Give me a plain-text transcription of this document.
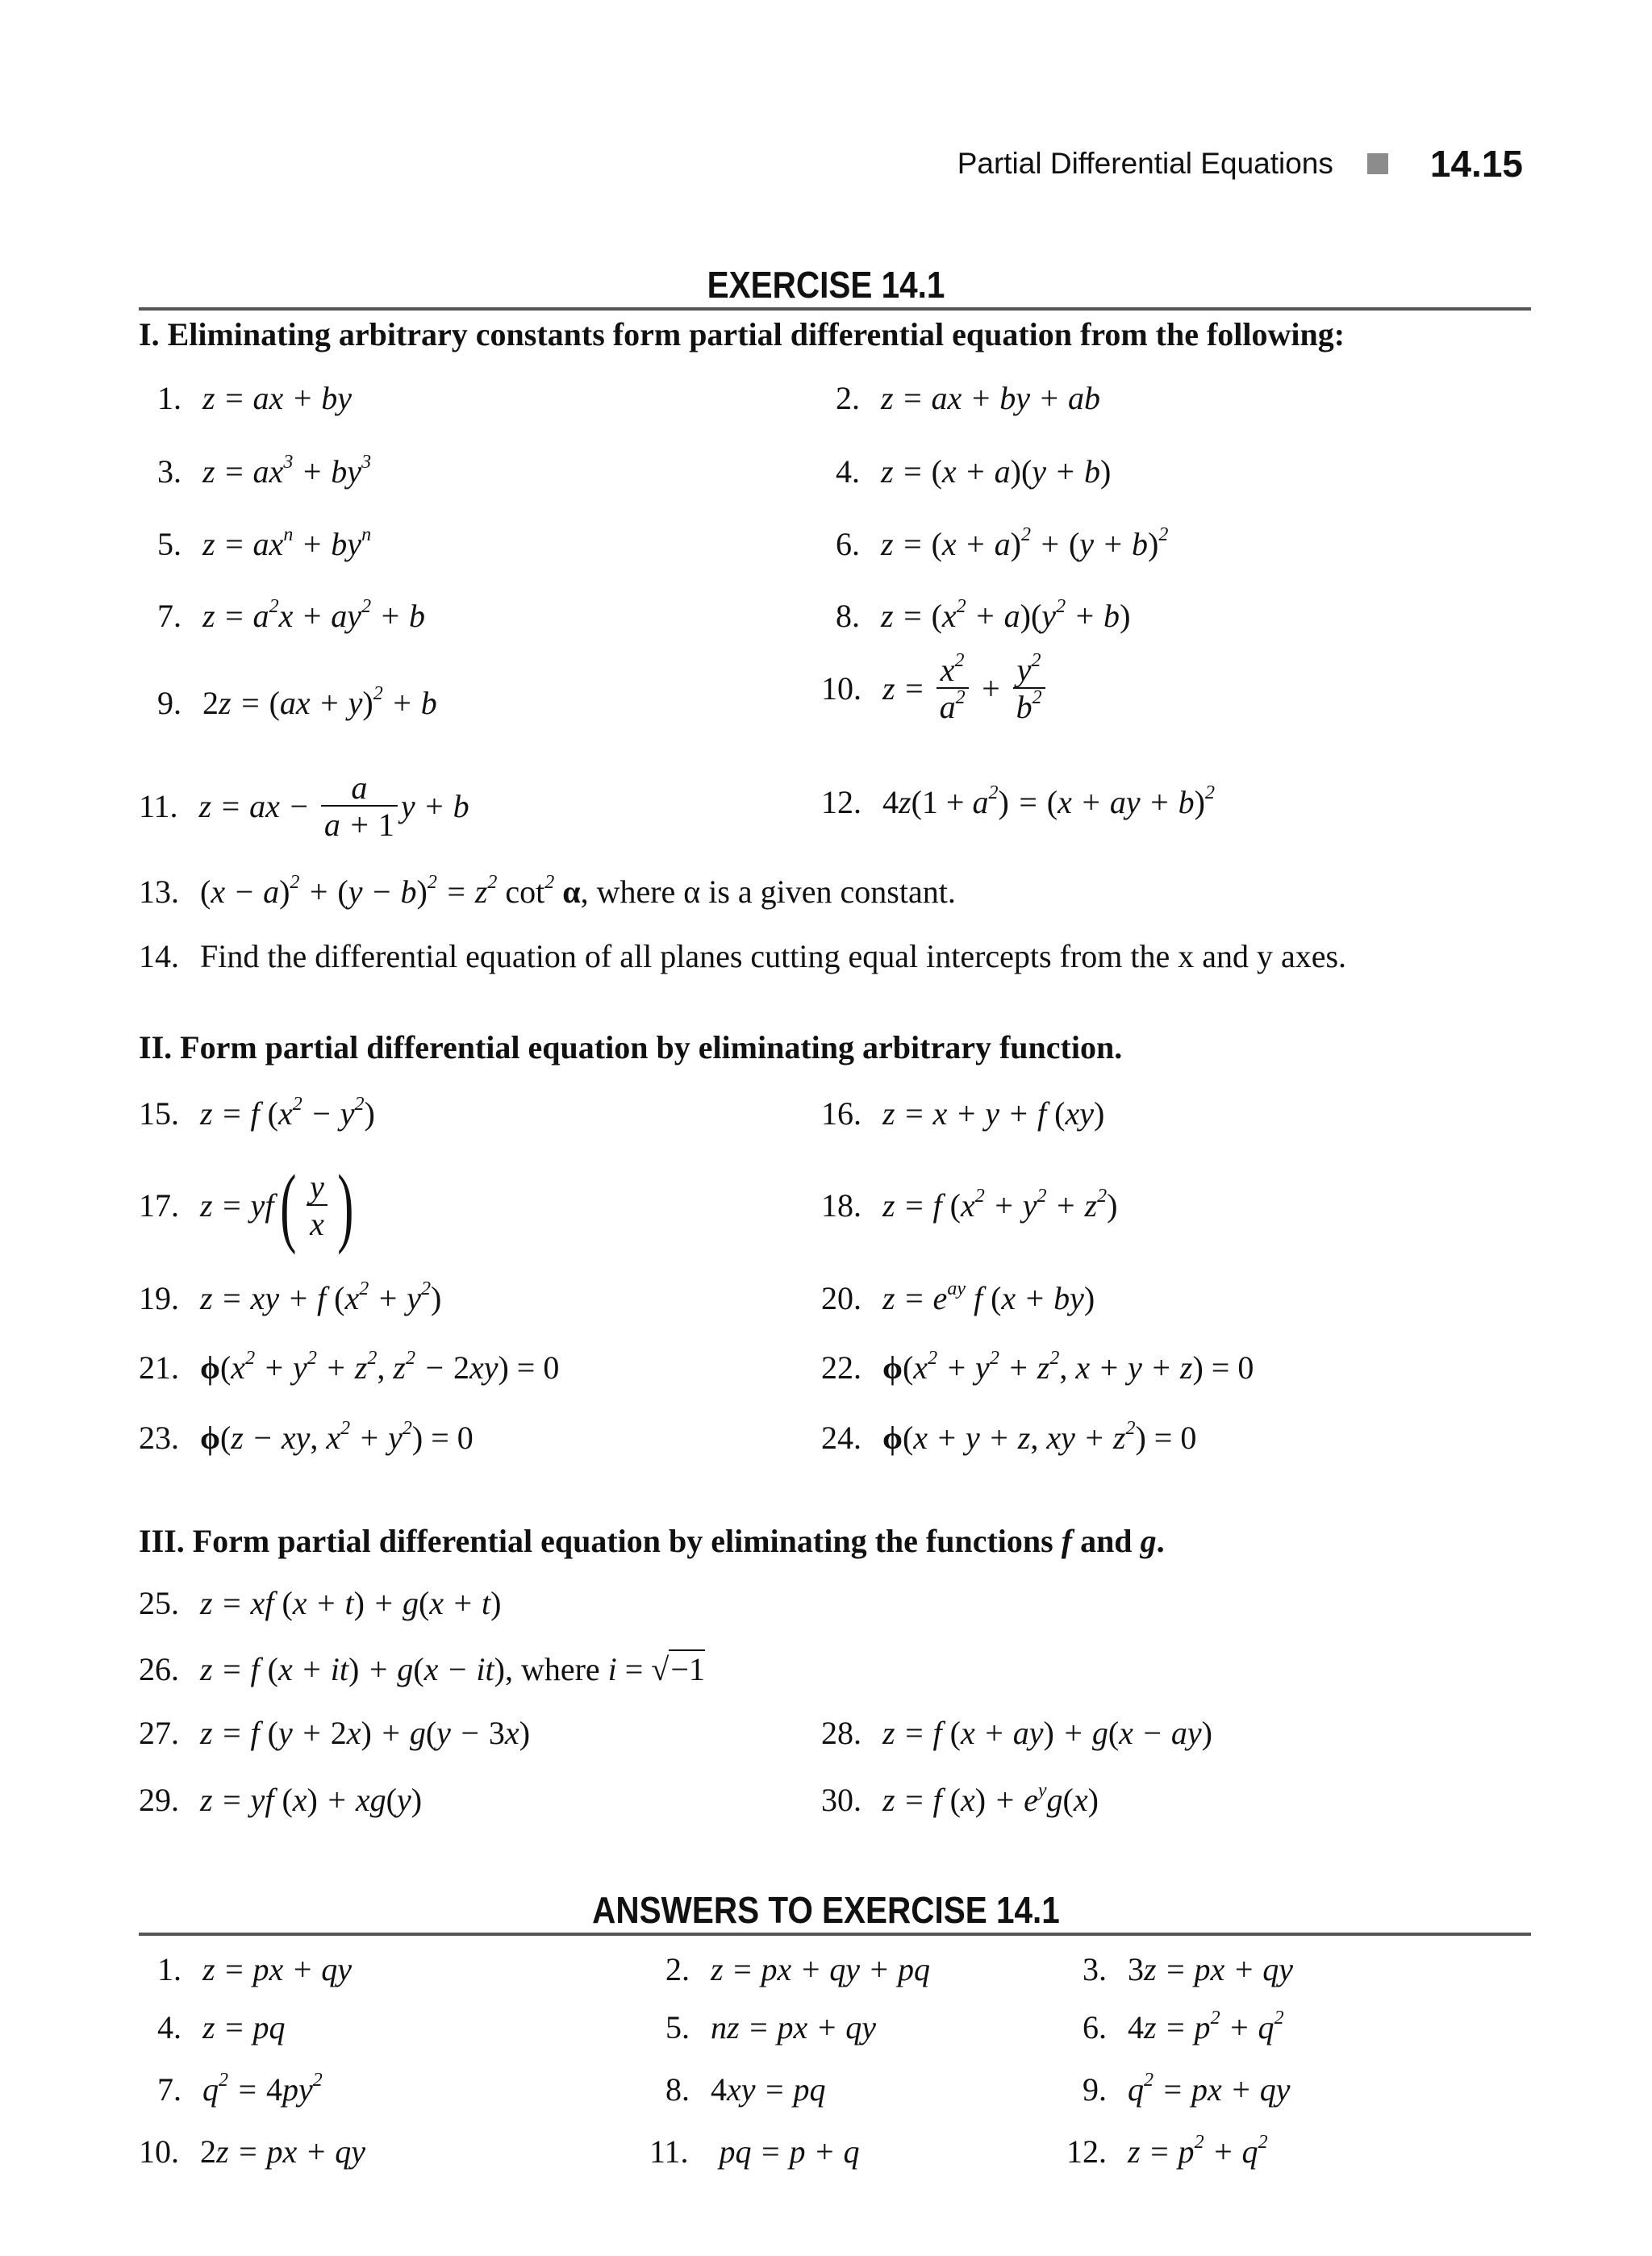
Partial Differential Equations	14.15
EXERCISE 14.1
I. Eliminating arbitrary constants form partial differential equation from the following:
1. z = ax + by	2. z = ax + by + ab
3. $z = ax^3 + by^3$	4. z = (x + a)(y + b)
5. $z = ax^n + by^n$	6. $z = (x + a)^2 + (y + b)^2$
7. $z = a^2x + ay^2 + b$	8. $z = (x^2 + a)(y^2 + b)$
9. 2z = (ax + y)$^2$ + b	10. $z = \frac{x^2}{a^2} + \frac{y^2}{b^2}$
11. z = ax − $\frac{a}{a + 1}$ y + b	12. $4z(1 + a^2) = (x$ + ay + b)$^2$
13. $(x - a)^2 + (y - b)^2 = z^2$ $\cot^2 \alpha$, where α is a given constant.
14. Find the differential equation of all planes cutting equal intercepts from the x and y axes.
II. Form partial differential equation by eliminating arbitrary function.
15. z = f $(x^2 - y^2)$	16. z = x + y + f (xy)
17. $z = yf( \frac{y}{x}$ )	18. z = f $(x^2 + y^2 + z^2)$
19. z = xy + f $(x^2 + y^2)$	20. $z = e^{ay}$ f (x + by)
21. $\phi(x^2 + y^2 + z^2$, $z^2 - 2xy) = 0$	22. $\phi(x^2 + y^2 + z^2$, x + y + z) = 0
23. ϕ(z − xy, $x^2 + y^2) = 0$	24. ϕ(x + y + z, xy + $z^2) = 0$
III. Form partial differential equation by eliminating the functions f and g.
25. z = xf (x + t) + g(x + t)
26. z = f (x + it) + g(x − it), where i = √−1
27. z = f (y + 2x) + g(y − 3x)	28. z = f (x + ay) + g(x − ay)
29. z = yf (x) + xg(y)	30. z = f $(x) + e^yg(x)$
ANSWERS TO EXERCISE 14.1
1. z = px + qy	2. z = px + qy + pq	3. 3z = px + qy
4. z = pq	5. nz = px + qy	6. $4z = p^2 + q^2$
7. $q^2 = 4py^2$	8. 4xy = pq	9. $q^2$ = px + qy
10. 2z = px + qy	11. pq = p + q	12. $z = p^2 + q^2$
